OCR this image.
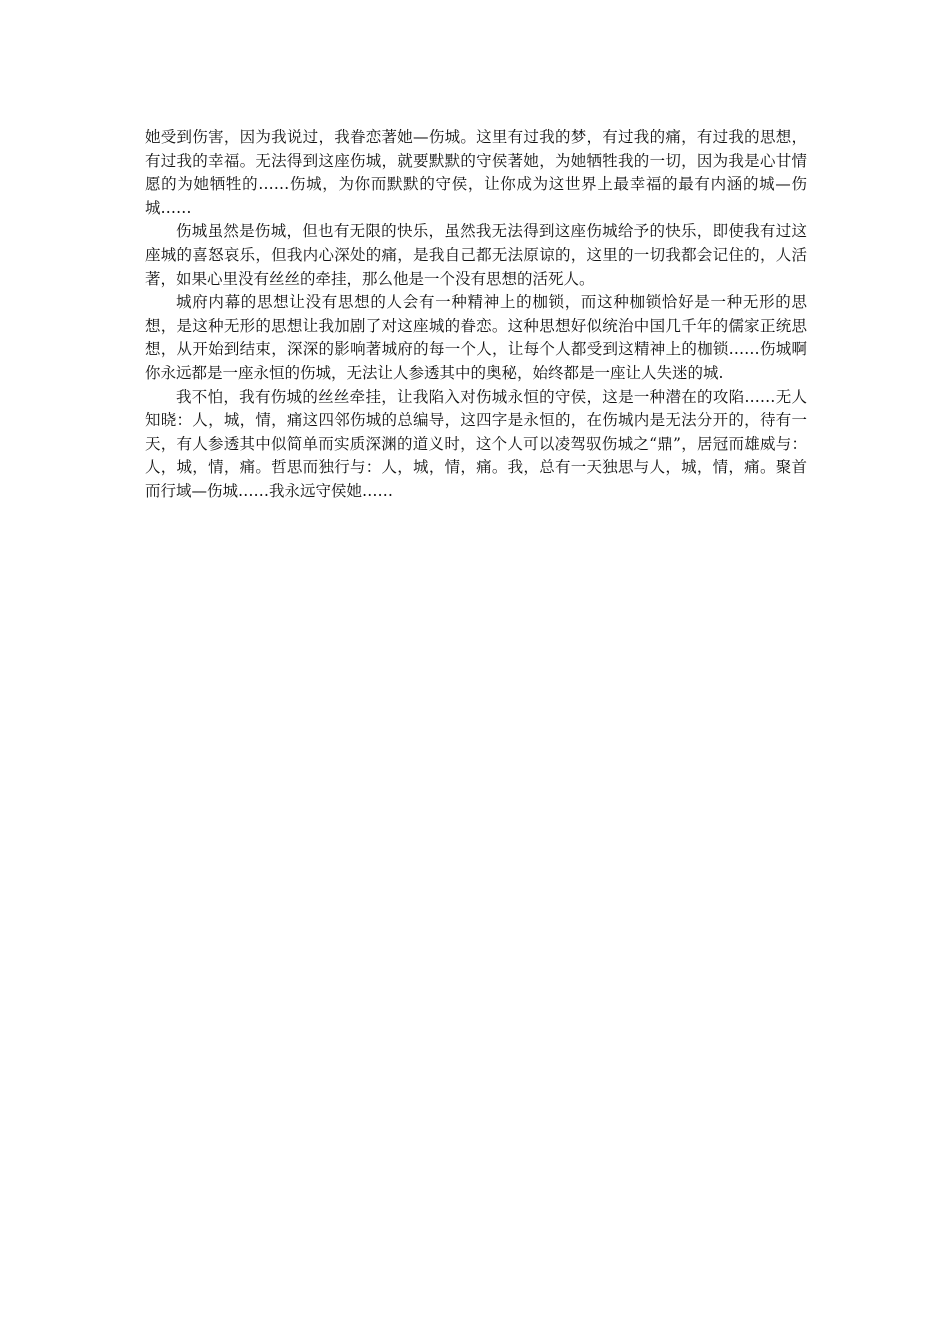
她受到伤害，因为我说过，我眷恋著她—伤城。这里有过我的梦，有过我的痛，有过我的思想，有过我的幸福。无法得到这座伤城，就要默默的守侯著她，为她牺牲我的一切，因为我是心甘情愿的为她牺牲的……伤城，为你而默默的守侯，让你成为这世界上最幸福的最有内涵的城—伤城……

伤城虽然是伤城，但也有无限的快乐，虽然我无法得到这座伤城给予的快乐，即使我有过这座城的喜怒哀乐，但我内心深处的痛，是我自己都无法原谅的，这里的一切我都会记住的，人活著，如果心里没有丝丝的牵挂，那么他是一个没有思想的活死人。

城府内幕的思想让没有思想的人会有一种精神上的枷锁，而这种枷锁恰好是一种无形的思想，是这种无形的思想让我加剧了对这座城的眷恋。这种思想好似统治中国几千年的儒家正统思想，从开始到结束，深深的影响著城府的每一个人，让每个人都受到这精神上的枷锁……伤城啊你永远都是一座永恒的伤城，无法让人参透其中的奥秘，始终都是一座让人失迷的城.

我不怕，我有伤城的丝丝牵挂，让我陷入对伤城永恒的守侯，这是一种潜在的攻陷……无人知晓：人，城，情，痛这四邻伤城的总编导，这四字是永恒的，在伤城内是无法分开的，待有一天，有人参透其中似简单而实质深渊的道义时，这个人可以凌驾驭伤城之“鼎”，居冠而雄威与：人，城，情，痛。哲思而独行与：人，城，情，痛。我，总有一天独思与人，城，情，痛。聚首而行域—伤城……我永远守侯她……
